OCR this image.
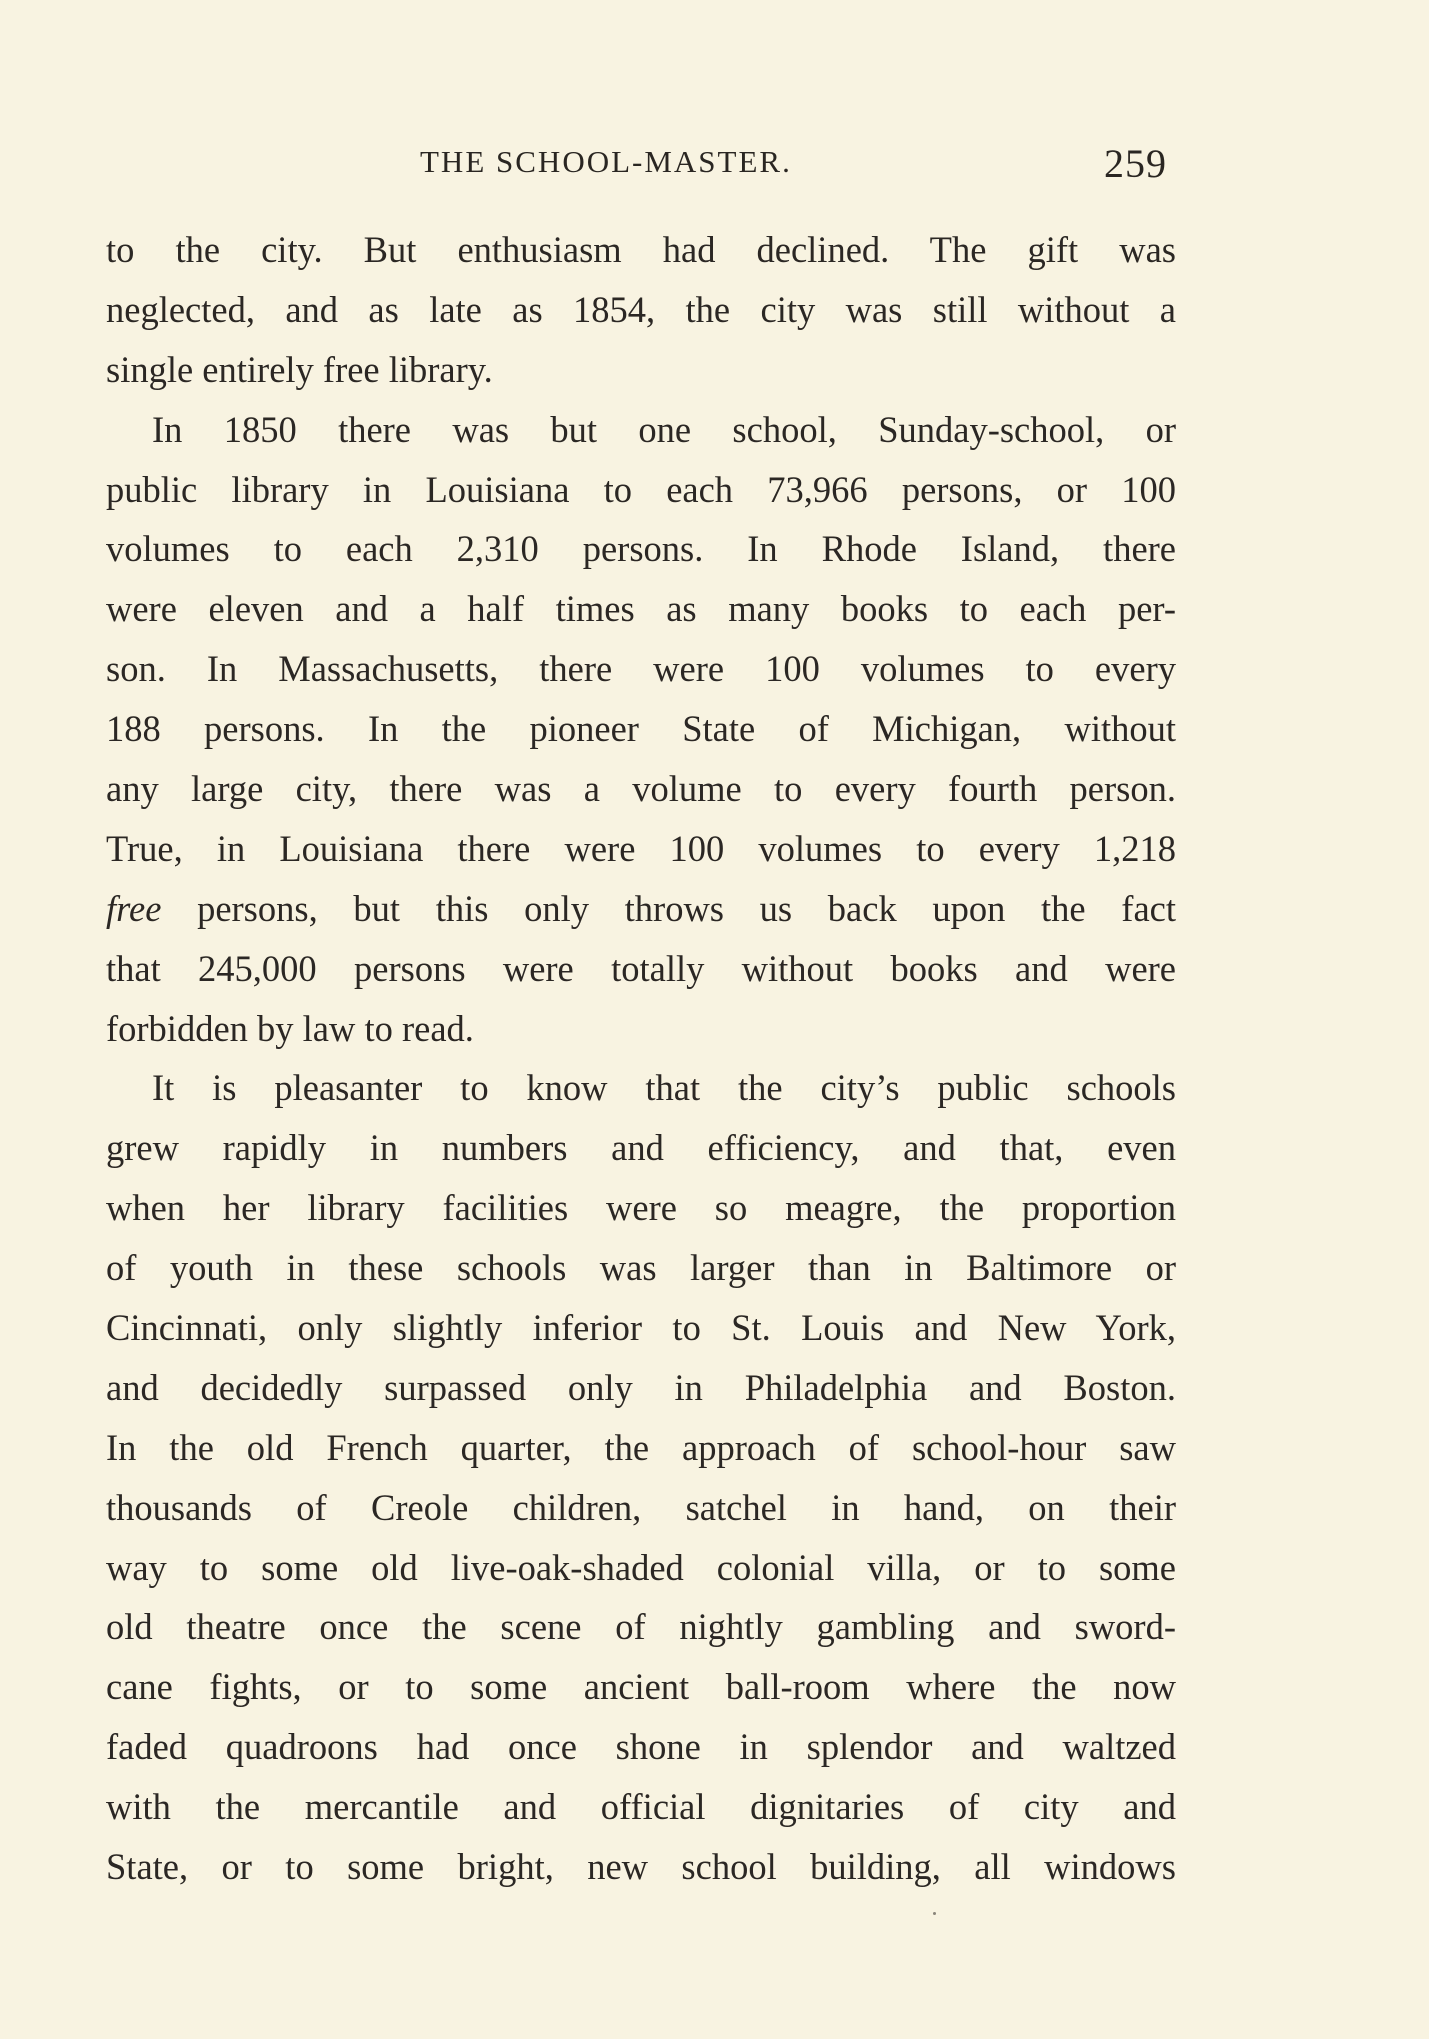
THE SCHOOL-MASTER.	259
to the city. But enthusiasm had declined. The gift was
neglected, and as late as 1854, the city was still without a
single entirely free library.
In 1850 there was but one school, Sunday-school, or
public library in Louisiana to each 73,966 persons, or 100
volumes to each 2,310 persons. In Rhode Island, there
were eleven and a half times as many books to each per-
son. In Massachusetts, there were 100 volumes to every
188 persons. In the pioneer State of Michigan, without
any large city, there was a volume to every fourth person.
True, in Louisiana there were 100 volumes to every 1,218
free persons, but this only throws us back upon the fact
that 245,000 persons were totally without books and were
forbidden by law to read.
It is pleasanter to know that the city’s public schools
grew rapidly in numbers and efficiency, and that, even
when her library facilities were so meagre, the proportion
of youth in these schools was larger than in Baltimore or
Cincinnati, only slightly inferior to St. Louis and New York,
and decidedly surpassed only in Philadelphia and Boston.
In the old French quarter, the approach of school-hour saw
thousands of Creole children, satchel in hand, on their
way to some old live-oak-shaded colonial villa, or to some
old theatre once the scene of nightly gambling and sword-
cane fights, or to some ancient ball-room where the now
faded quadroons had once shone in splendor and waltzed
with the mercantile and official dignitaries of city and
State, or to some bright, new school building, all windows
